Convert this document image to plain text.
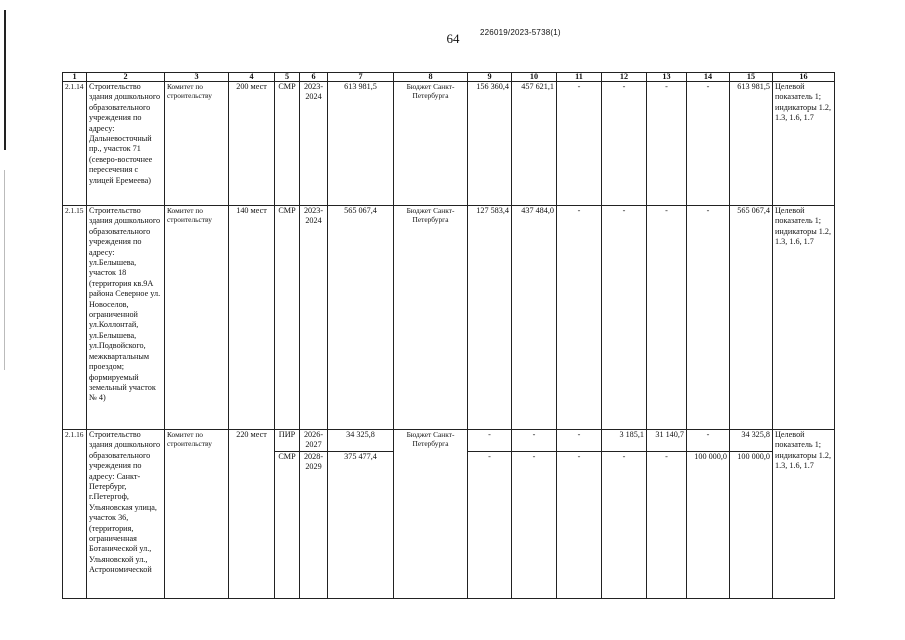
64	226019/2023-5738(1)
1	2	3	4	5	6	7	8	9	10	11	12	13	14	15	16
2.1.14	Строительство здания дошкольного образовательного учреждения по адресу: Дальневосточный пр., участок 71 (северо-восточнее пересечения с улицей Еремеева)	Комитет по строительству	200 мест	СМР	2023-2024	613 981,5	Бюджет Санкт-Петербурга	156 360,4	457 621,1	-	-	-	-	613 981,5	Целевой показатель 1; индикаторы 1.2, 1.3, 1.6, 1.7
2.1.15	Строительство здания дошкольного образовательного учреждения по адресу: ул.Белышева, участок 18 (территория кв.9А района Северное ул. Новоселов, ограниченной ул.Коллонтай, ул.Белышева, ул.Подвойского, межквартальным проездом; формируемый земельный участок № 4)	Комитет по строительству	140 мест	СМР	2023-2024	565 067,4	Бюджет Санкт-Петербурга	127 583,4	437 484,0	-	-	-	-	565 067,4	Целевой показатель 1; индикаторы 1.2, 1.3, 1.6, 1.7
2.1.16	Строительство здания дошкольного образовательного учреждения по адресу: Санкт-Петербург, г.Петергоф, Ульяновская улица, участок 36, (территория, ограниченная Ботанической ул., Ульяновской ул., Астрономической	Комитет по строительству	220 мест	ПИР	2026-2027	34 325,8	Бюджет Санкт-Петербурга	-	-	-	3 185,1	31 140,7	-	34 325,8	Целевой показатель 1; индикаторы 1.2, 1.3, 1.6, 1.7
				СМР	2028-2029	375 477,4		-	-	-	-	-	100 000,0	100 000,0	
